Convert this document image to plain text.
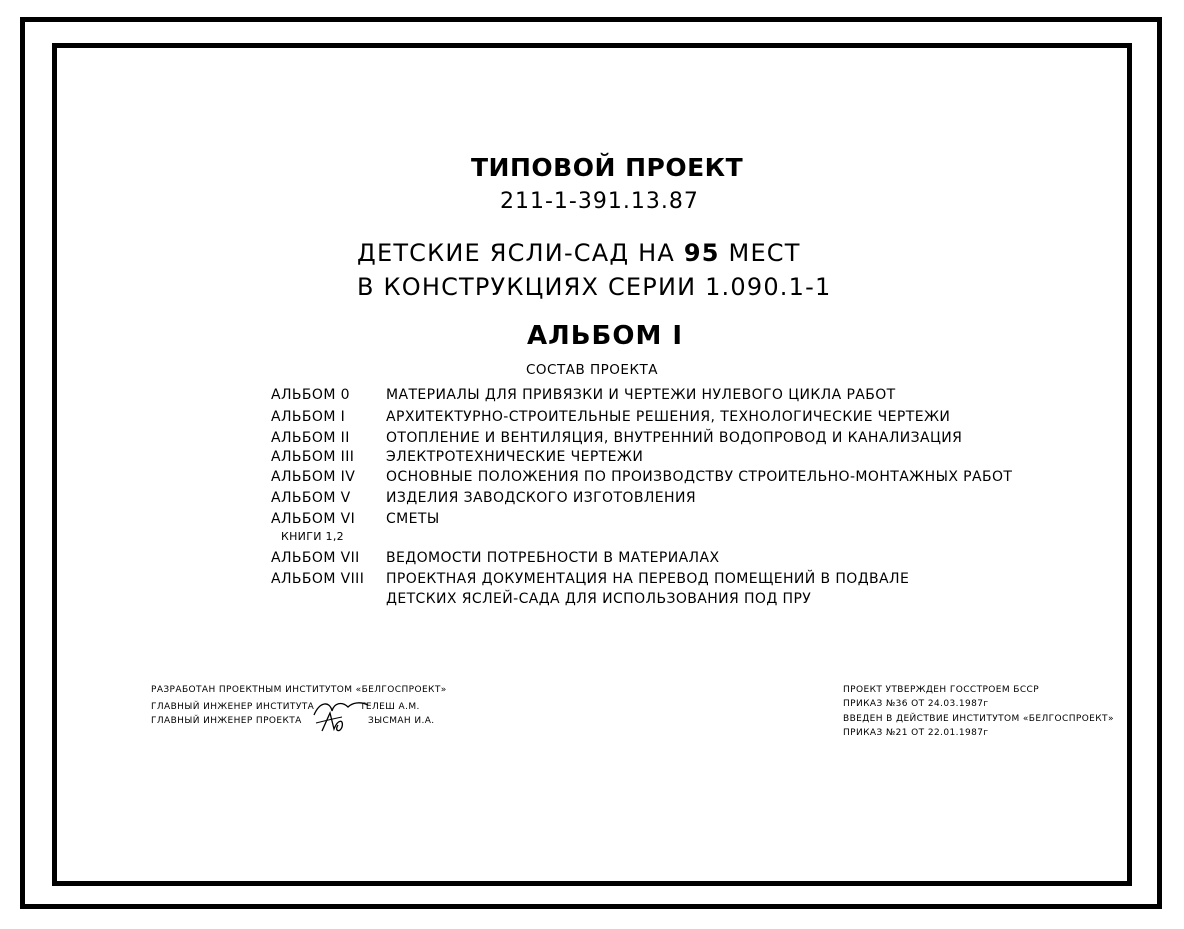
ТИПОВОЙ ПРОЕКТ
211-1-391.13.87
ДЕТСКИЕ ЯСЛИ-САД НА 95 МЕСТ
В КОНСТРУКЦИЯХ СЕРИИ 1.090.1-1
АЛЬБОМ I
СОСТАВ ПРОЕКТА
АЛЬБОМ 0	МАТЕРИАЛЫ ДЛЯ ПРИВЯЗКИ И ЧЕРТЕЖИ НУЛЕВОГО ЦИКЛА РАБОТ
АЛЬБОМ I	АРХИТЕКТУРНО-СТРОИТЕЛЬНЫЕ РЕШЕНИЯ, ТЕХНОЛОГИЧЕСКИЕ ЧЕРТЕЖИ
АЛЬБОМ II	ОТОПЛЕНИЕ И ВЕНТИЛЯЦИЯ, ВНУТРЕННИЙ ВОДОПРОВОД И КАНАЛИЗАЦИЯ
АЛЬБОМ III ЭЛЕКТРОТЕХНИЧЕСКИЕ ЧЕРТЕЖИ
АЛЬБОМ IV ОСНОВНЫЕ ПОЛОЖЕНИЯ ПО ПРОИЗВОДСТВУ СТРОИТЕЛЬНО-МОНТАЖНЫХ РАБОТ
АЛЬБОМ V	ИЗДЕЛИЯ ЗАВОДСКОГО ИЗГОТОВЛЕНИЯ
АЛЬБОМ VI СМЕТЫ
КНИГИ 1,2
АЛЬБОМ VII ВЕДОМОСТИ ПОТРЕБНОСТИ В МАТЕРИАЛАХ
АЛЬБОМ VIII ПРОЕКТНАЯ ДОКУМЕНТАЦИЯ НА ПЕРЕВОД ПОМЕЩЕНИЙ В ПОДВАЛЕ
ДЕТСКИХ ЯСЛЕЙ-САДА ДЛЯ ИСПОЛЬЗОВАНИЯ ПОД ПРУ
РАЗРАБОТАН ПРОЕКТНЫМ ИНСТИТУТОМ «БЕЛГОСПРОЕКТ»
ГЛАВНЫЙ ИНЖЕНЕР ИНСТИТУТА	ТЕЛЕШ А.М.
ГЛАВНЫЙ ИНЖЕНЕР ПРОЕКТА	ЗЫСМАН И.А.
ПРОЕКТ УТВЕРЖДЕН ГОССТРОЕМ БССР
ПРИКАЗ №36 ОТ 24.03.1987г
ВВЕДЕН В ДЕЙСТВИЕ ИНСТИТУТОМ «БЕЛГОСПРОЕКТ»
ПРИКАЗ №21 ОТ 22.01.1987г
